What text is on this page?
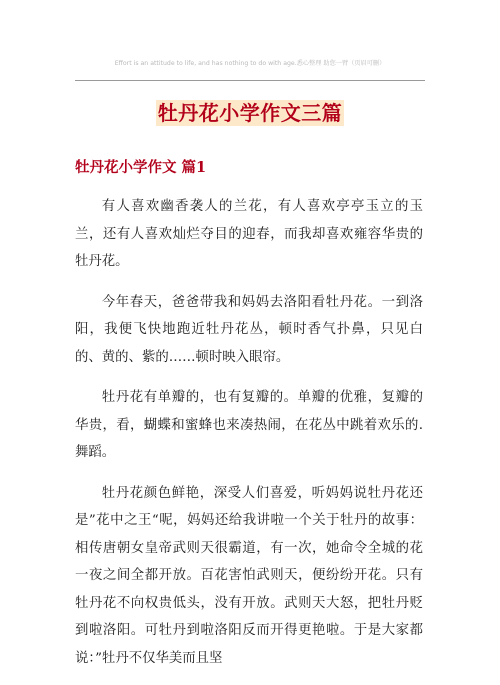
Effort is an attitude to life, and has nothing to do with age.悉心整理 助您一臂（页眉可删）
牡丹花小学作文三篇
牡丹花小学作文 篇1

有人喜欢幽香袭人的兰花，有人喜欢亭亭玉立的玉兰，还有人喜欢灿烂夺目的迎春，而我却喜欢雍容华贵的牡丹花。

今年春天，爸爸带我和妈妈去洛阳看牡丹花。一到洛阳，我便飞快地跑近牡丹花丛，顿时香气扑鼻，只见白的、黄的、紫的……顿时映入眼帘。

牡丹花有单瓣的，也有复瓣的。单瓣的优雅，复瓣的华贵，看，蝴蝶和蜜蜂也来凑热闹，在花丛中跳着欢乐的.舞蹈。

牡丹花颜色鲜艳，深受人们喜爱，听妈妈说牡丹花还是”花中之王“呢，妈妈还给我讲啦一个关于牡丹的故事：相传唐朝女皇帝武则天很霸道，有一次，她命令全城的花一夜之间全都开放。百花害怕武则天，便纷纷开花。只有牡丹花不向权贵低头，没有开放。武则天大怒，把牡丹贬到啦洛阳。可牡丹到啦洛阳反而开得更艳啦。于是大家都说：”牡丹不仅华美而且坚
